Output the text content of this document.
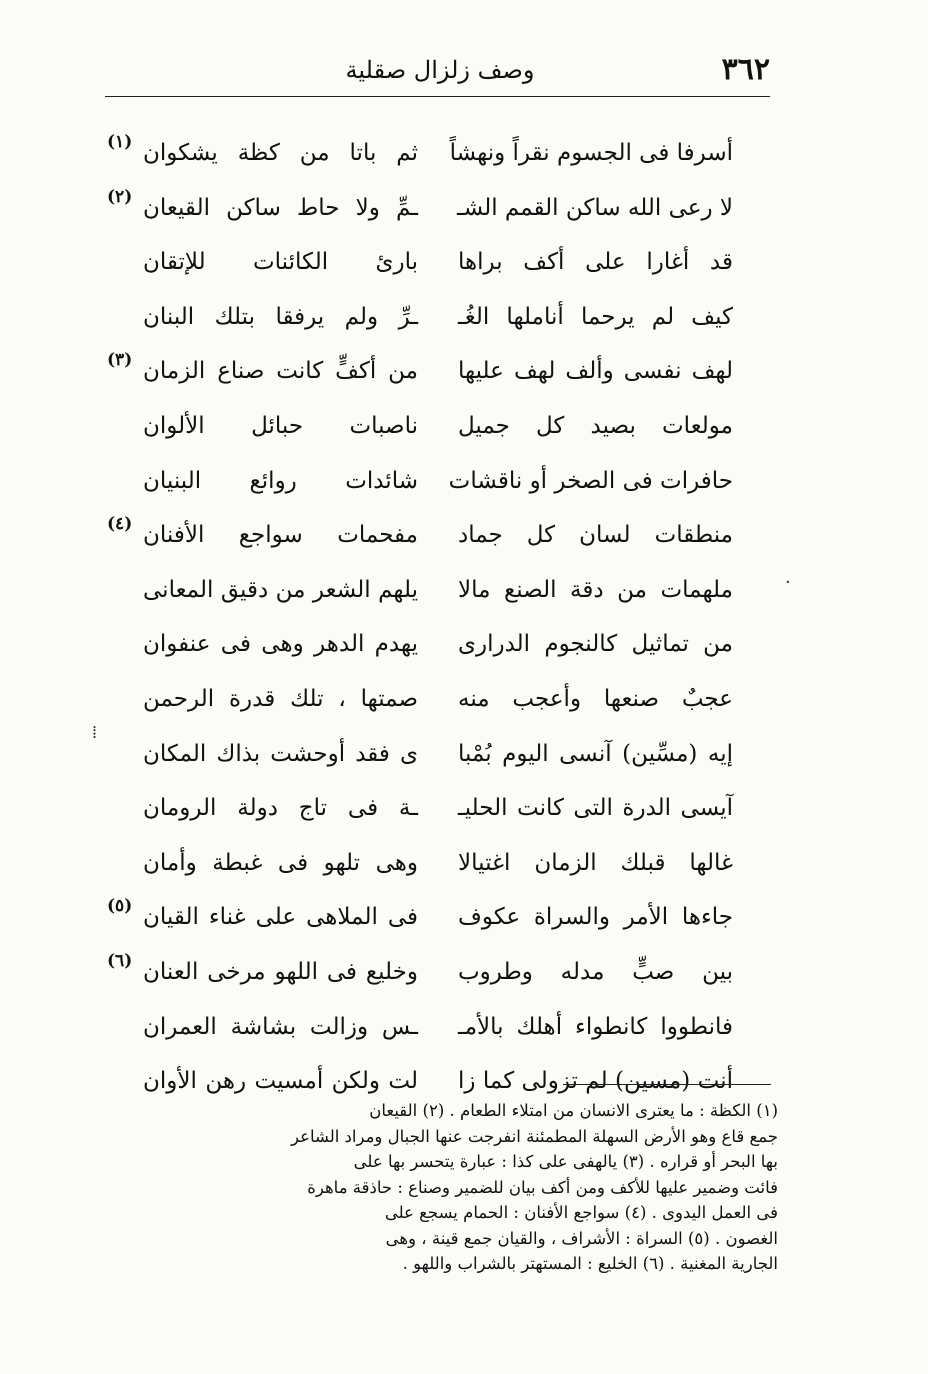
٣٦٢
وصف زلزال صقلية
أسرفا فى الجسوم نقراً ونهشاً
ثم باتا من كظة يشكوان
(١)
لا رعى الله ساكن القمم الشـ
ـمِّ ولا حاط ساكن القيعان
(٢)
قد أغارا على أكف براها
بارئ الكائنات للإتقان
كيف لم يرحما أناملها الغُـ
ـرِّ ولم يرفقا بتلك البنان
لهف نفسى وألف لهف عليها
من أكفٍّ كانت صناع الزمان
(٣)
مولعات بصيد كل جميل
ناصبات حبائل الألوان
حافرات فى الصخر أو ناقشات
شائدات روائع البنيان
منطقات لسان كل جماد
مفحمات سواجع الأفنان
(٤)
ملهمات من دقة الصنع مالا
يلهم الشعر من دقيق المعانى
من تماثيل كالنجوم الدرارى
يهدم الدهر وهى فى عنفوان
عجبٌ صنعها وأعجب منه
صمتها ، تلك قدرة الرحمن
إيه (مسِّين) آنسى اليوم بُمْبا
ى فقد أوحشت بذاك المكان
آيسى الدرة التى كانت الحليـ
ـة فى تاج دولة الرومان
غالها قبلك الزمان اغتيالا
وهى تلهو فى غبطة وأمان
جاءها الأمر والسراة عكوف
فى الملاهى على غناء القيان
(٥)
بين صبٍّ مدله وطروب
وخليع فى اللهو مرخى العنان
(٦)
فانطووا كانطواء أهلك بالأمـ
ـس وزالت بشاشة العمران
أنت (مسين) لم تزولى كما زا
لت ولكن أمسيت رهن الأوان
·
⁞
(١) الكظة : ما يعترى الانسان من امتلاء الطعام . (٢) القيعان
جمع قاع وهو الأرض السهلة المطمئنة انفرجت عنها الجبال ومراد الشاعر
بها البحر أو قراره . (٣) يالهفى على كذا : عبارة يتحسر بها على
فائت وضمير عليها للأكف ومن أكف بيان للضمير وصناع : حاذقة ماهرة
فى العمل اليدوى . (٤) سواجع الأفنان : الحمام يسجع على
الغصون . (٥) السراة : الأشراف ، والقيان جمع قينة ، وهى
الجارية المغنية . (٦) الخليع : المستهتر بالشراب واللهو .
